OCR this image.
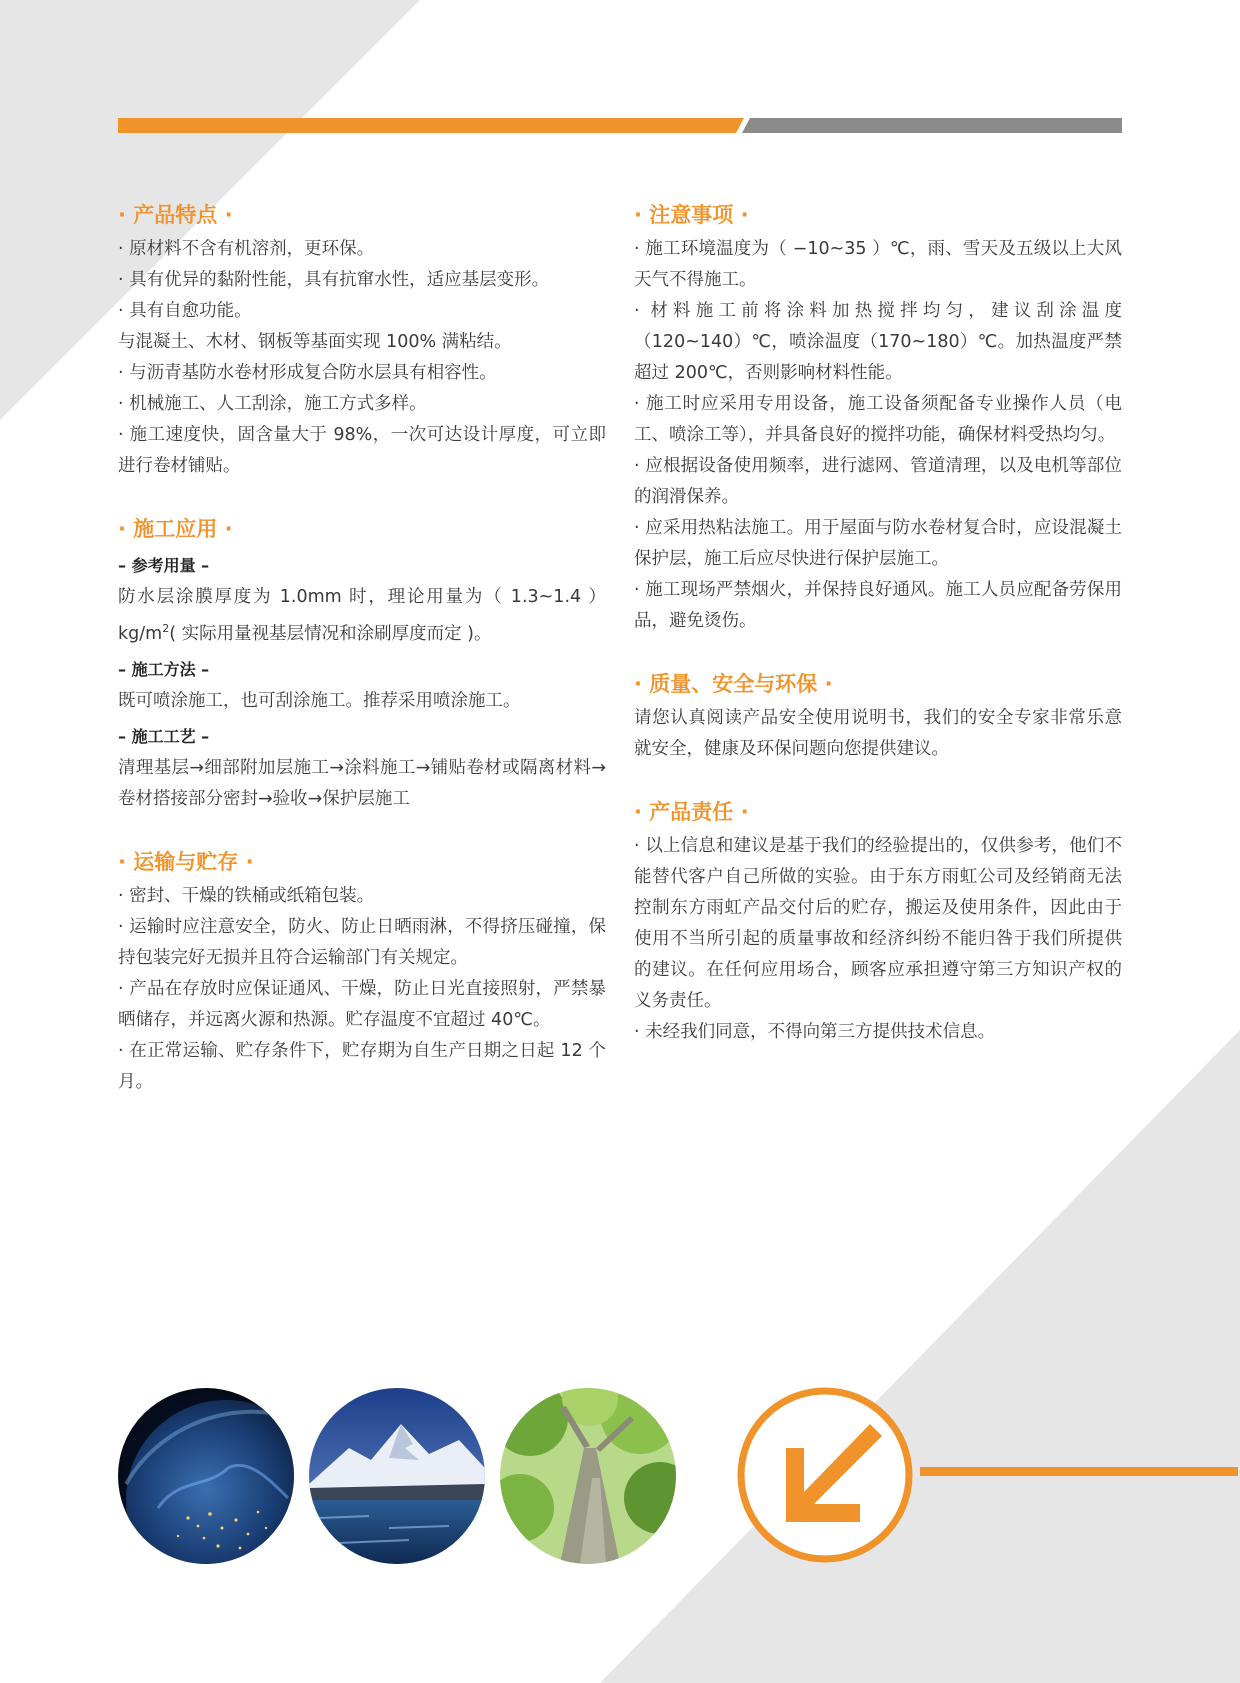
· 产品特点 ·

· 原材料不含有机溶剂，更环保。

· 具有优异的黏附性能，具有抗窜水性，适应基层变形。

· 具有自愈功能。

与混凝土、木材、钢板等基面实现 100% 满粘结。

· 与沥青基防水卷材形成复合防水层具有相容性。

· 机械施工、人工刮涂，施工方式多样。

· 施工速度快，固含量大于 98%，一次可达设计厚度，可立即进行卷材铺贴。

· 施工应用 ·
– 参考用量 –

防水层涂膜厚度为 1.0mm 时，理论用量为（ 1.3~1.4 ）$kg/m^2$( 实际用量视基层情况和涂刷厚度而定 )。

– 施工方法 –

既可喷涂施工，也可刮涂施工。推荐采用喷涂施工。

– 施工工艺 –

清理基层→细部附加层施工→涂料施工→铺贴卷材或隔离材料→卷材搭接部分密封→验收→保护层施工

· 运输与贮存 ·

· 密封、干燥的铁桶或纸箱包装。

· 运输时应注意安全，防火、防止日晒雨淋，不得挤压碰撞，保持包装完好无损并且符合运输部门有关规定。

· 产品在存放时应保证通风、干燥，防止日光直接照射，严禁暴晒储存，并远离火源和热源。贮存温度不宜超过 40℃。

· 在正常运输、贮存条件下，贮存期为自生产日期之日起 12 个月。

· 注意事项 ·

· 施工环境温度为（ −10~35 ）℃，雨、雪天及五级以上大风天气不得施工。

· 材料施工前将涂料加热搅拌均匀，建议刮涂温度（120~140）℃，喷涂温度（170~180）℃。加热温度严禁超过 200℃，否则影响材料性能。

· 施工时应采用专用设备，施工设备须配备专业操作人员（电工、喷涂工等），并具备良好的搅拌功能，确保材料受热均匀。

· 应根据设备使用频率，进行滤网、管道清理，以及电机等部位的润滑保养。

· 应采用热粘法施工。用于屋面与防水卷材复合时，应设混凝土保护层，施工后应尽快进行保护层施工。

· 施工现场严禁烟火，并保持良好通风。施工人员应配备劳保用品，避免烫伤。

· 质量、安全与环保 ·

请您认真阅读产品安全使用说明书，我们的安全专家非常乐意就安全，健康及环保问题向您提供建议。

· 产品责任 ·

· 以上信息和建议是基于我们的经验提出的，仅供参考，他们不能替代客户自己所做的实验。由于东方雨虹公司及经销商无法控制东方雨虹产品交付后的贮存，搬运及使用条件，因此由于使用不当所引起的质量事故和经济纠纷不能归咎于我们所提供的建议。在任何应用场合，顾客应承担遵守第三方知识产权的义务责任。

· 未经我们同意，不得向第三方提供技术信息。
